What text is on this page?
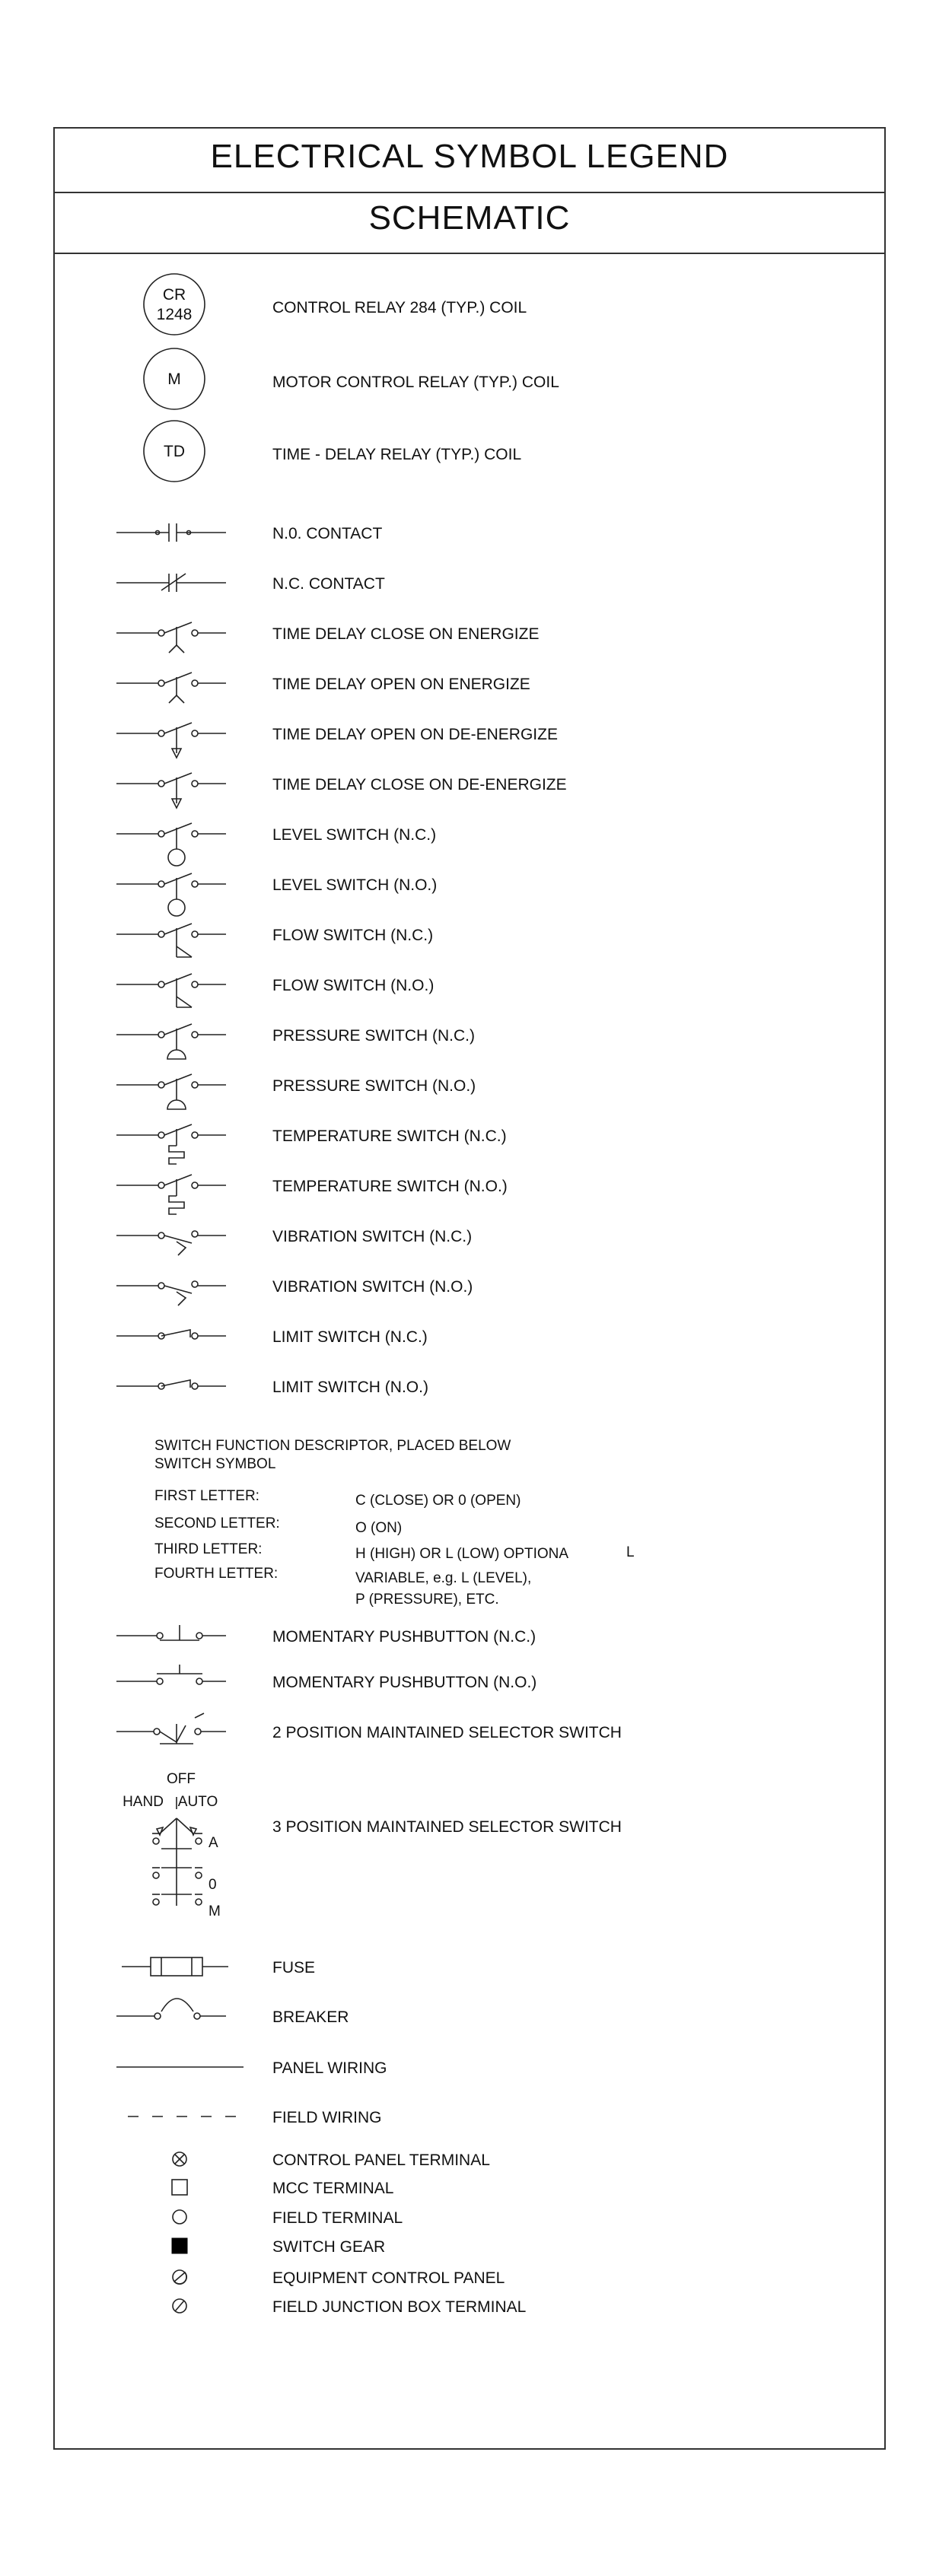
ELECTRICAL SYMBOL LEGEND
SCHEMATIC
CR
1248	CONTROL RELAY 284 (TYP.) COIL
M	MOTOR CONTROL RELAY (TYP.) COIL
TD	TIME - DELAY RELAY (TYP.) COIL
N.0. CONTACT
N.C. CONTACT
TIME DELAY CLOSE ON ENERGIZE
TIME DELAY OPEN ON ENERGIZE
TIME DELAY OPEN ON DE-ENERGIZE
TIME DELAY CLOSE ON DE-ENERGIZE
LEVEL SWITCH (N.C.)
LEVEL SWITCH (N.O.)
FLOW SWITCH (N.C.)
FLOW SWITCH (N.O.)
PRESSURE SWITCH (N.C.)
PRESSURE SWITCH (N.O.)
TEMPERATURE SWITCH (N.C.)
TEMPERATURE SWITCH (N.O.)
VIBRATION SWITCH (N.C.)
VIBRATION SWITCH (N.O.)
LIMIT SWITCH (N.C.)
LIMIT SWITCH (N.O.)
SWITCH FUNCTION DESCRIPTOR, PLACED BELOW
SWITCH SYMBOL
FIRST LETTER:	C (CLOSE) OR 0 (OPEN)
SECOND LETTER:	O (ON)
THIRD LETTER:	H (HIGH) OR L (LOW) OPTIONA
FOURTH LETTER:	VARIABLE, e.g. L (LEVEL),
P (PRESSURE), ETC.
L
MOMENTARY PUSHBUTTON (N.C.)
MOMENTARY PUSHBUTTON (N.O.)
2 POSITION MAINTAINED SELECTOR SWITCH
OFF
HAND AUTO
A
0
M
3 POSITION MAINTAINED SELECTOR SWITCH
FUSE
BREAKER
PANEL WIRING
FIELD WIRING
CONTROL PANEL TERMINAL
MCC TERMINAL
FIELD TERMINAL
SWITCH GEAR
EQUIPMENT CONTROL PANEL
FIELD JUNCTION BOX TERMINAL
